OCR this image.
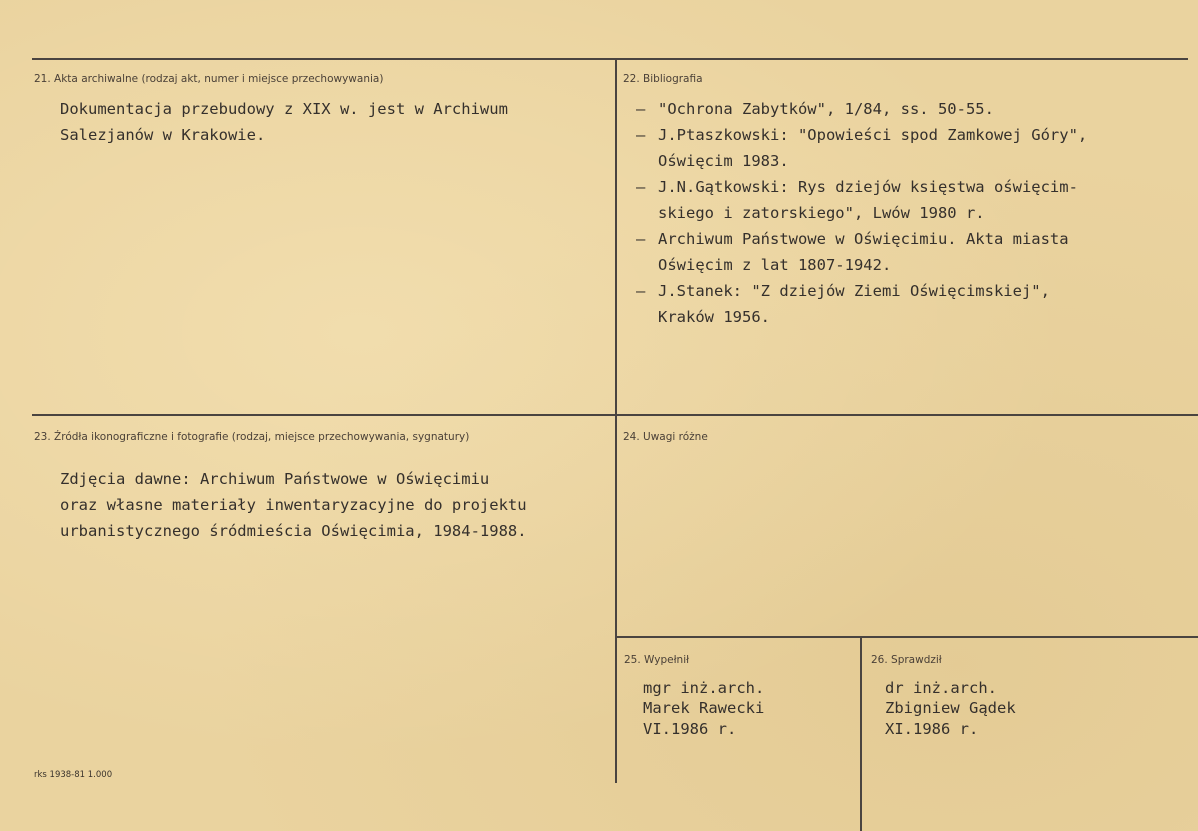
21. Akta archiwalne (rodzaj akt, numer i miejsce przechowywania)
Dokumentacja przebudowy z XIX w. jest w Archiwum
Salezjanów w Krakowie.
22. Bibliografia
– "Ochrona Zabytków", 1/84, ss. 50-55.
– J.Ptaszkowski: "Opowieści spod Zamkowej Góry",
Oświęcim 1983.
– J.N.Gątkowski: Rys dziejów księstwa oświęcim-
skiego i zatorskiego", Lwów 1980 r.
– Archiwum Państwowe w Oświęcimiu. Akta miasta
Oświęcim z lat 1807-1942.
– J.Stanek: "Z dziejów Ziemi Oświęcimskiej",
Kraków 1956.
23. Źródła ikonograficzne i fotografie (rodzaj, miejsce przechowywania, sygnatury)
Zdjęcia dawne: Archiwum Państwowe w Oświęcimiu
oraz własne materiały inwentaryzacyjne do projektu
urbanistycznego śródmieścia Oświęcimia, 1984-1988.
24. Uwagi różne
25. Wypełnił
mgr inż.arch.
Marek Rawecki
VI.1986 r.
26. Sprawdził
dr inż.arch.
Zbigniew Gądek
XI.1986 r.
rks 1938-81 1.000
